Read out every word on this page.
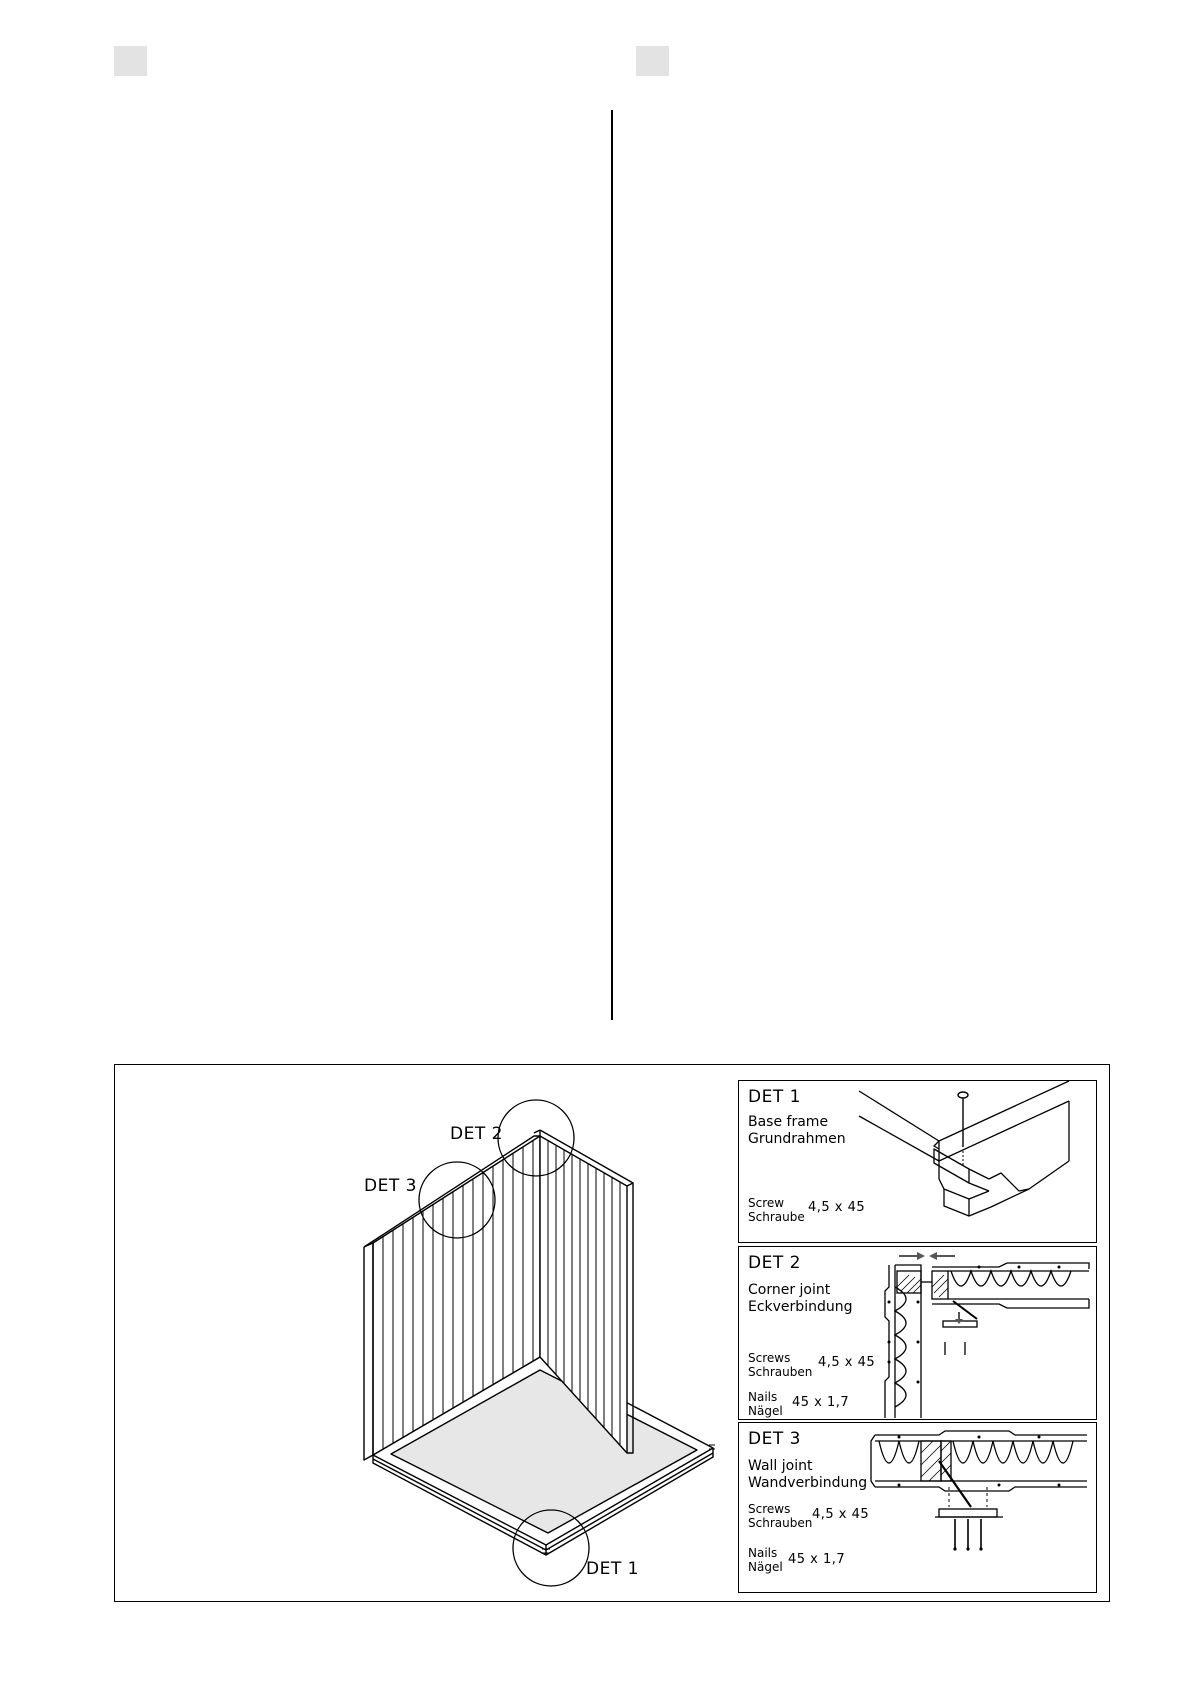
DET 2
DET 3
DET 1
DET 1
Base frame
Grundrahmen
Screw
Schraube
4,5 x 45
DET 2
Corner joint
Eckverbindung
Screws
Schrauben
4,5 x 45
Nails
Nägel
45 x 1,7
DET 3
Wall joint
Wandverbindung
Screws
Schrauben
4,5 x 45
Nails
Nägel 45 x 1,7
